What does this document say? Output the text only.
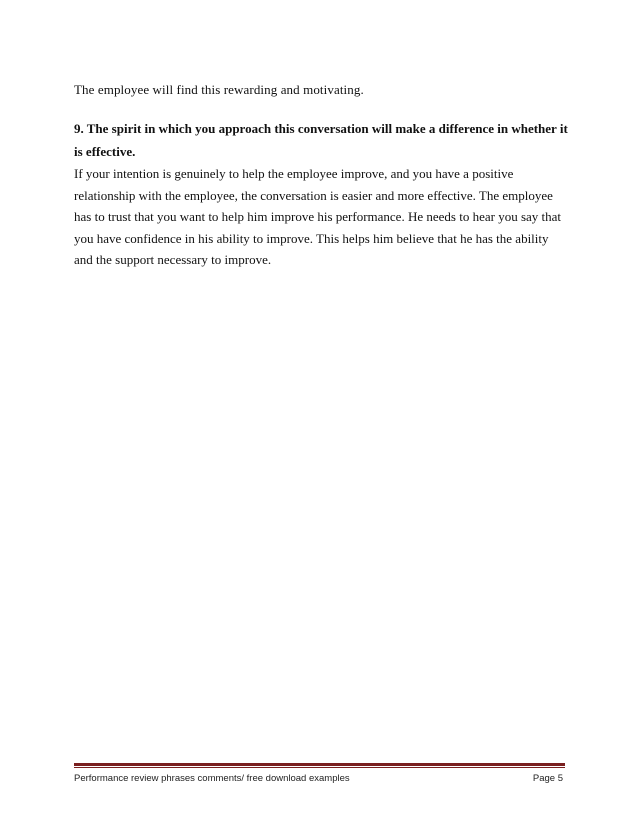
The employee will find this rewarding and motivating.

9. The spirit in which you approach this conversation will make a difference in whether it is effective.

If your intention is genuinely to help the employee improve, and you have a positive relationship with the employee, the conversation is easier and more effective. The employee has to trust that you want to help him improve his performance. He needs to hear you say that you have confidence in his ability to improve. This helps him believe that he has the ability and the support necessary to improve.

Performance review phrases comments/ free download examples	Page 5
